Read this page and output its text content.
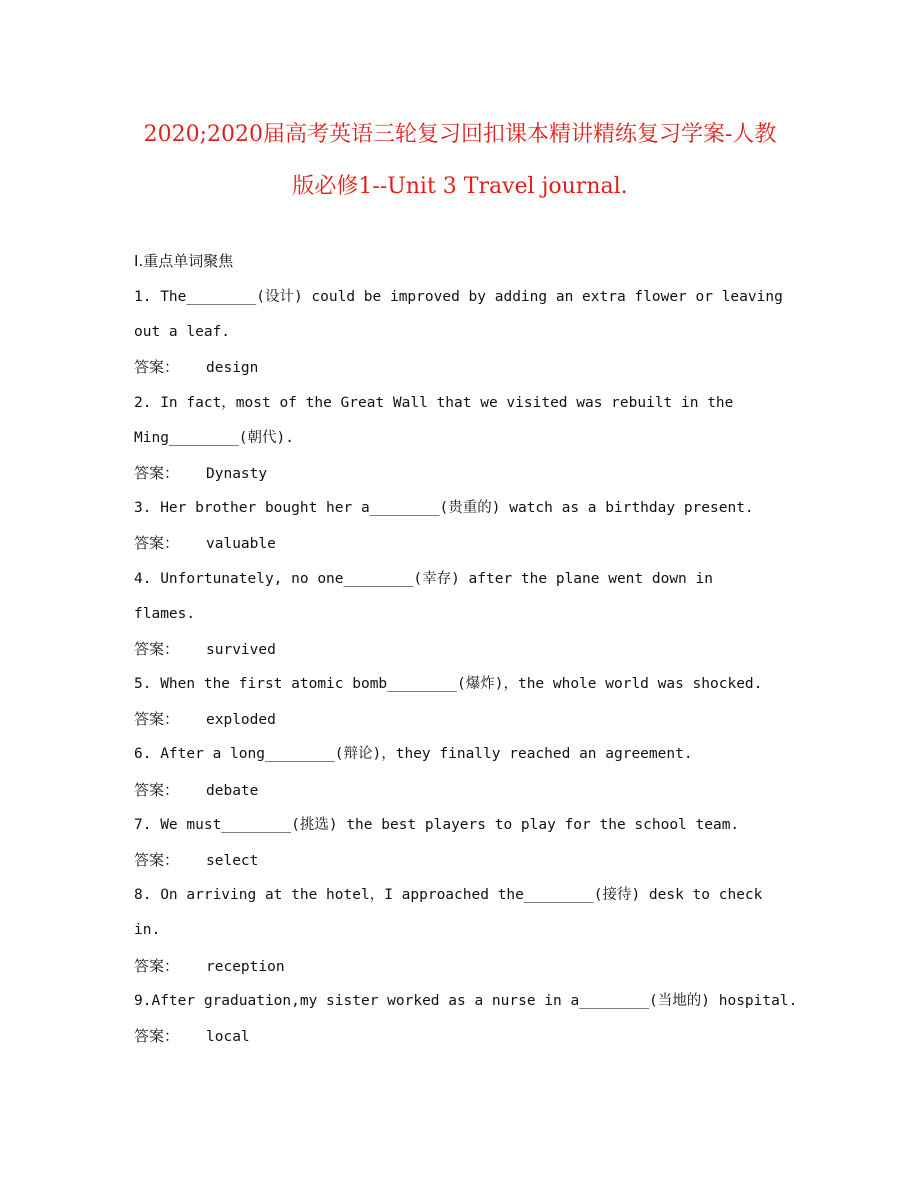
2020;2020届高考英语三轮复习回扣课本精讲精练复习学案-人教
版必修1--Unit 3 Travel journal.
Ⅰ.重点单词聚焦
1. The________(设计) could be improved by adding an extra flower or leaving
out a leaf.
答案： design
2. In fact，most of the Great Wall that we visited was rebuilt in the
Ming________(朝代).
答案： Dynasty
3. Her brother bought her a________(贵重的) watch as a birthday present.
答案： valuable
4. Unfortunately, no one________(幸存) after the plane went down in
flames.
答案： survived
5. When the first atomic bomb________(爆炸)，the whole world was shocked.
答案： exploded
6. After a long________(辩论)，they finally reached an agreement.
答案： debate
7. We must________(挑选) the best players to play for the school team.
答案： select
8. On arriving at the hotel，I approached the________(接待) desk to check
in.
答案： reception
9.After graduation,my sister worked as a nurse in a________(当地的) hospital.
答案： local
